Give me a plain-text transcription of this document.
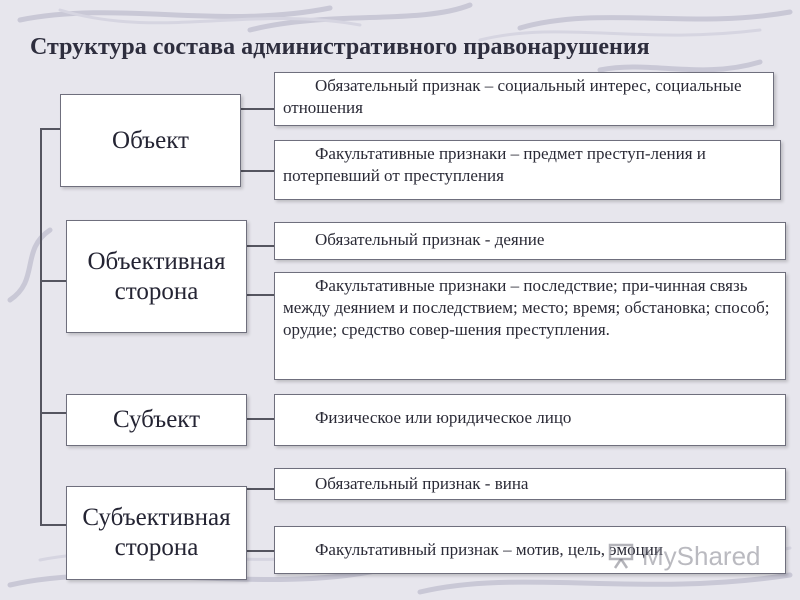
Структура состава административного правонарушения
Объект
Объективная сторона
Субъект
Субъективная сторона
Обязательный признак – социальный интерес, социальные отношения
Факультативные признаки – предмет преступ-ления и потерпевший от преступления
Обязательный признак - деяние
Факультативные признаки – последствие; при-чинная связь между деянием и последствием; место; время; обстановка; способ; орудие; средство совер-шения преступления.
Физическое или юридическое лицо
Обязательный признак - вина
Факультативный признак – мотив, цель, эмоции
MyShared
